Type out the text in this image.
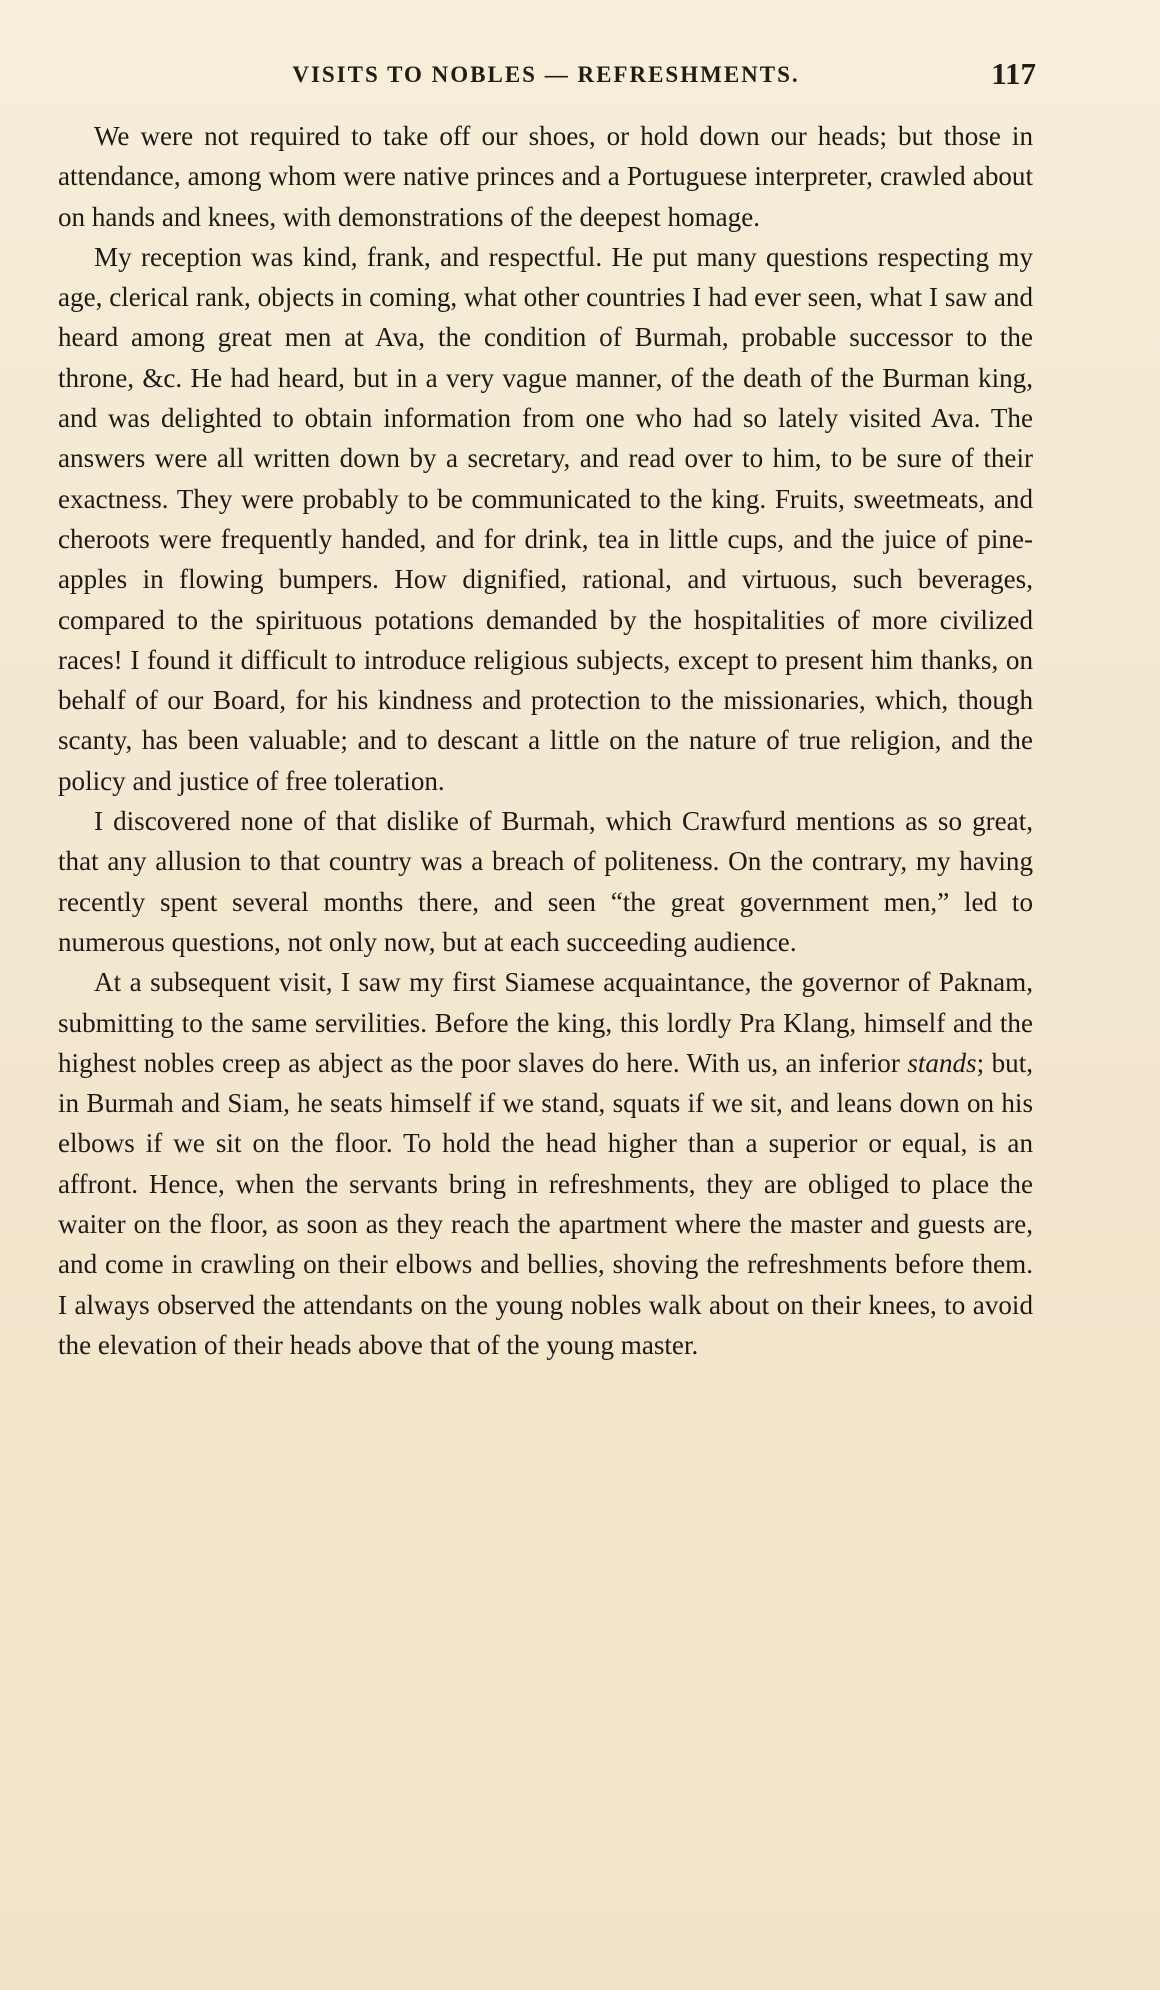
VISITS TO NOBLES — REFRESHMENTS.	117

We were not required to take off our shoes, or hold down our heads; but those in attendance, among whom were native princes and a Portuguese interpreter, crawled about on hands and knees, with demonstrations of the deepest homage.

My reception was kind, frank, and respectful. He put many questions respecting my age, clerical rank, objects in coming, what other countries I had ever seen, what I saw and heard among great men at Ava, the condition of Burmah, probable successor to the throne, &c. He had heard, but in a very vague manner, of the death of the Burman king, and was delighted to obtain information from one who had so lately visited Ava. The answers were all written down by a secretary, and read over to him, to be sure of their exactness. They were probably to be communicated to the king. Fruits, sweetmeats, and cheroots were frequently handed, and for drink, tea in little cups, and the juice of pine-apples in flowing bumpers. How dignified, rational, and virtuous, such beverages, compared to the spirituous potations demanded by the hospitalities of more civilized races! I found it difficult to introduce religious subjects, except to present him thanks, on behalf of our Board, for his kindness and protection to the missionaries, which, though scanty, has been valuable; and to descant a little on the nature of true religion, and the policy and justice of free toleration.

I discovered none of that dislike of Burmah, which Crawfurd mentions as so great, that any allusion to that country was a breach of politeness. On the contrary, my having recently spent several months there, and seen “the great government men,” led to numerous questions, not only now, but at each succeeding audience.

At a subsequent visit, I saw my first Siamese acquaintance, the governor of Paknam, submitting to the same servilities. Before the king, this lordly Pra Klang, himself and the highest nobles creep as abject as the poor slaves do here. With us, an inferior stands; but, in Burmah and Siam, he seats himself if we stand, squats if we sit, and leans down on his elbows if we sit on the floor. To hold the head higher than a superior or equal, is an affront. Hence, when the servants bring in refreshments, they are obliged to place the waiter on the floor, as soon as they reach the apartment where the master and guests are, and come in crawling on their elbows and bellies, shoving the refreshments before them. I always observed the attendants on the young nobles walk about on their knees, to avoid the elevation of their heads above that of the young master.
